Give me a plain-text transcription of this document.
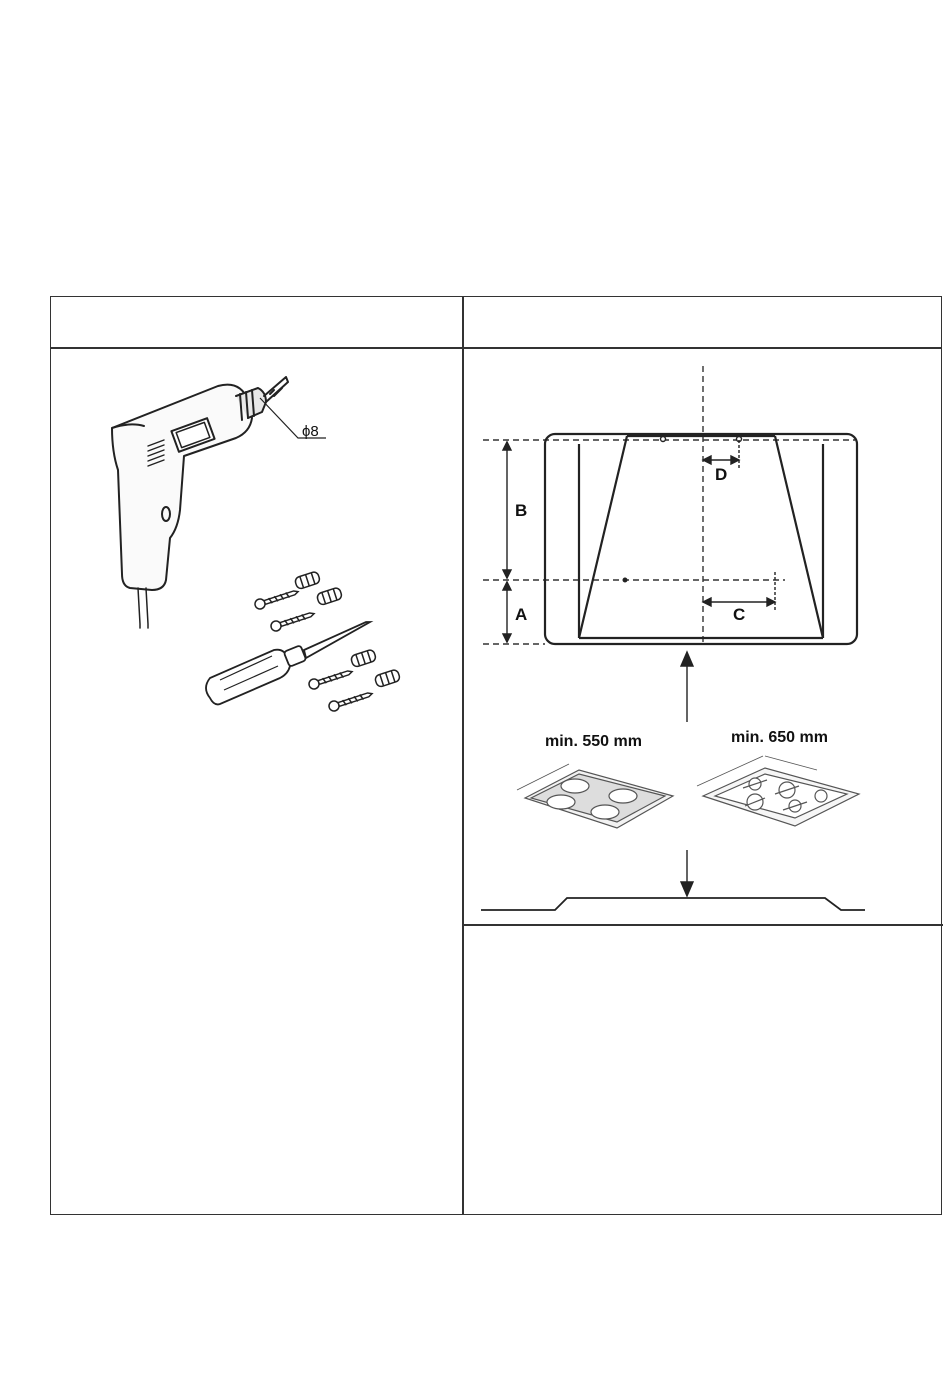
ϕ8
B
A
D
C
min. 550 mm	min. 650 mm
